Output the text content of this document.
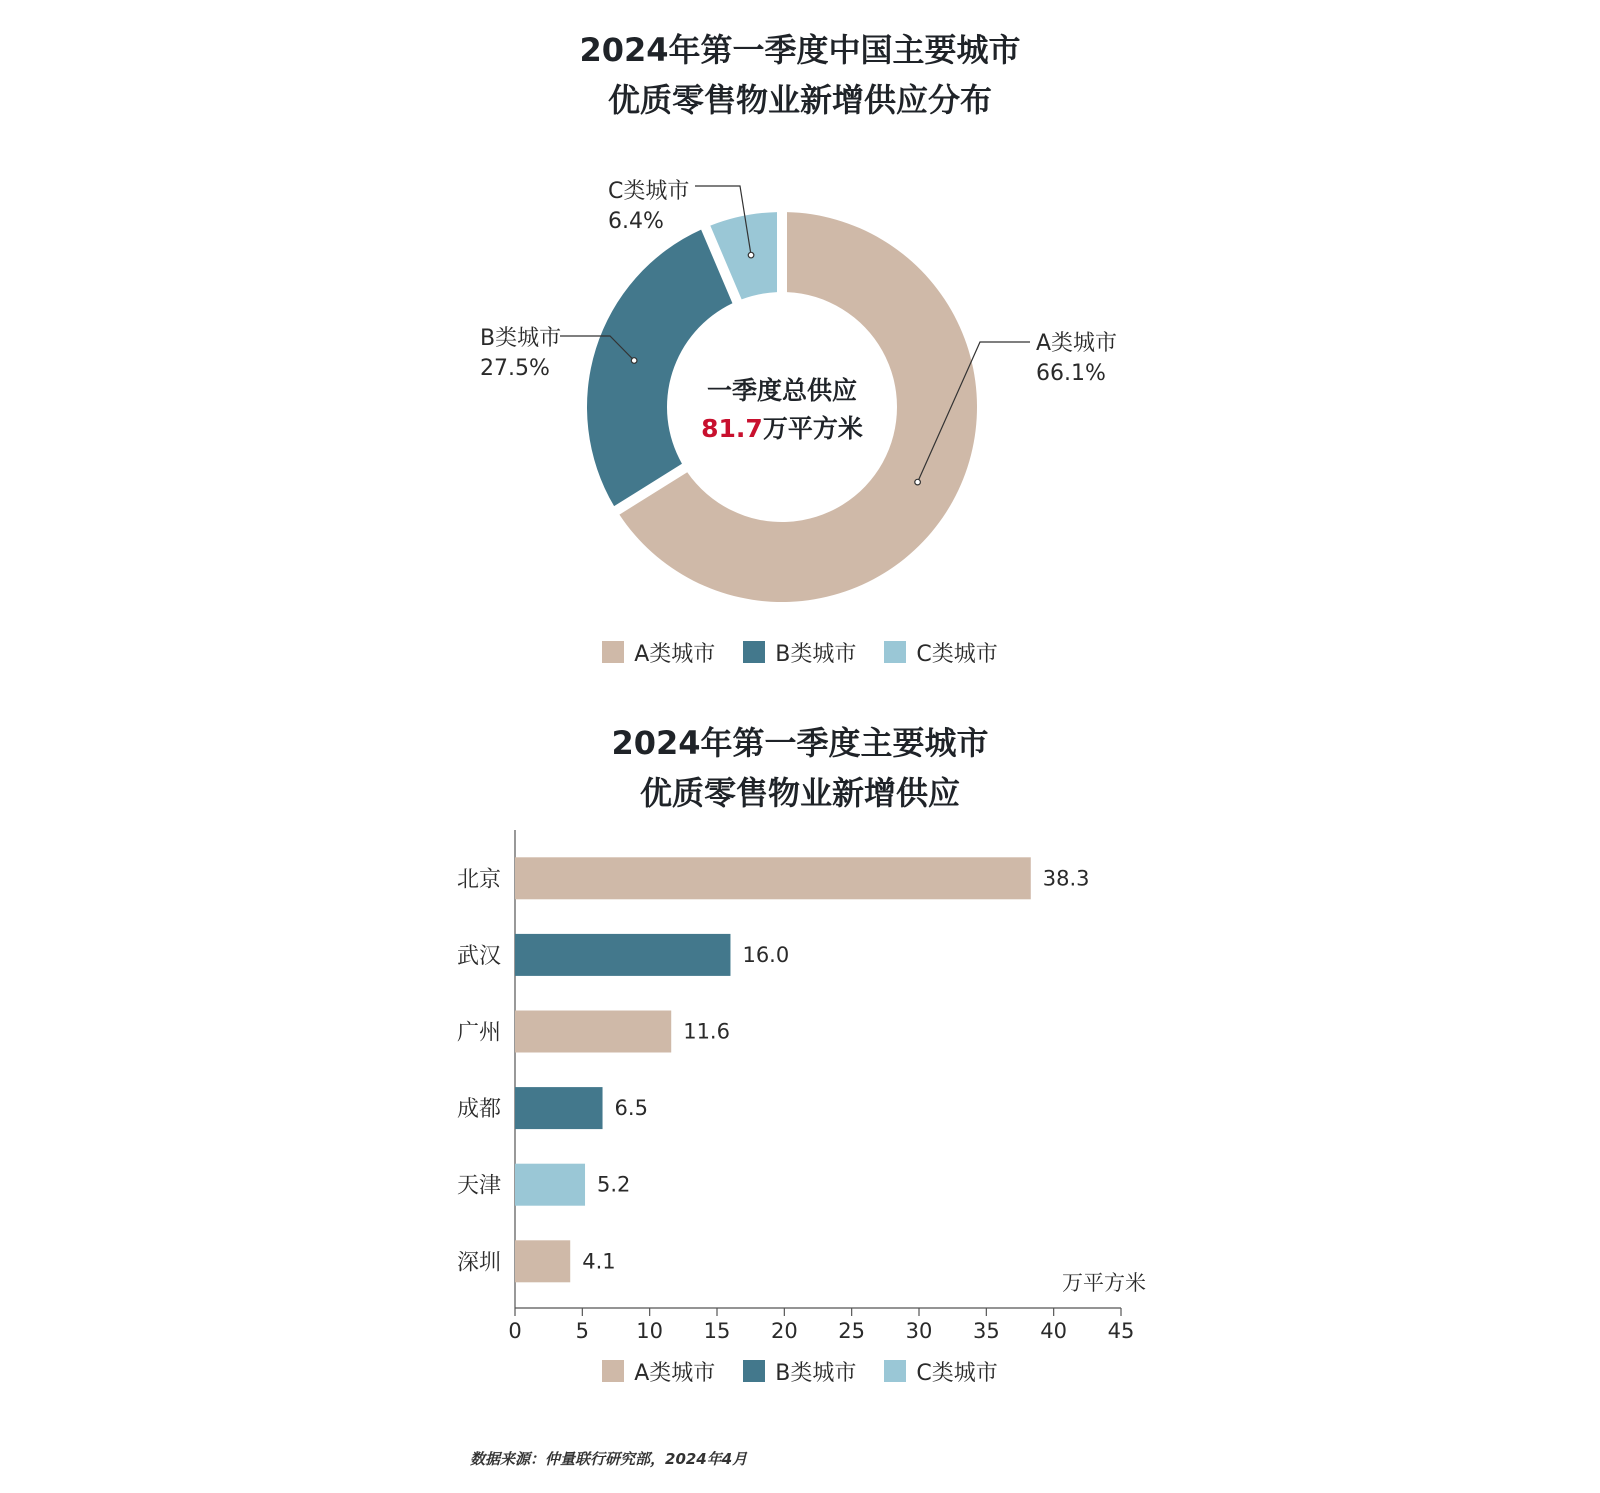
2024年第一季度中国主要城市
优质零售物业新增供应分布
A类城市
66.1%
B类城市
27.5%
C类城市
6.4%
一季度总供应
81.7万平方米
A类城市	B类城市	C类城市
2024年第一季度主要城市
优质零售物业新增供应
北京	38.3
武汉	16.0
广州	11.6
成都	6.5
天津	5.2
深圳	4.1
0	5 10 15 20 25 30 35 40 45
万平方米
A类城市	B类城市	C类城市
数据来源：仲量联行研究部，2024年4月
